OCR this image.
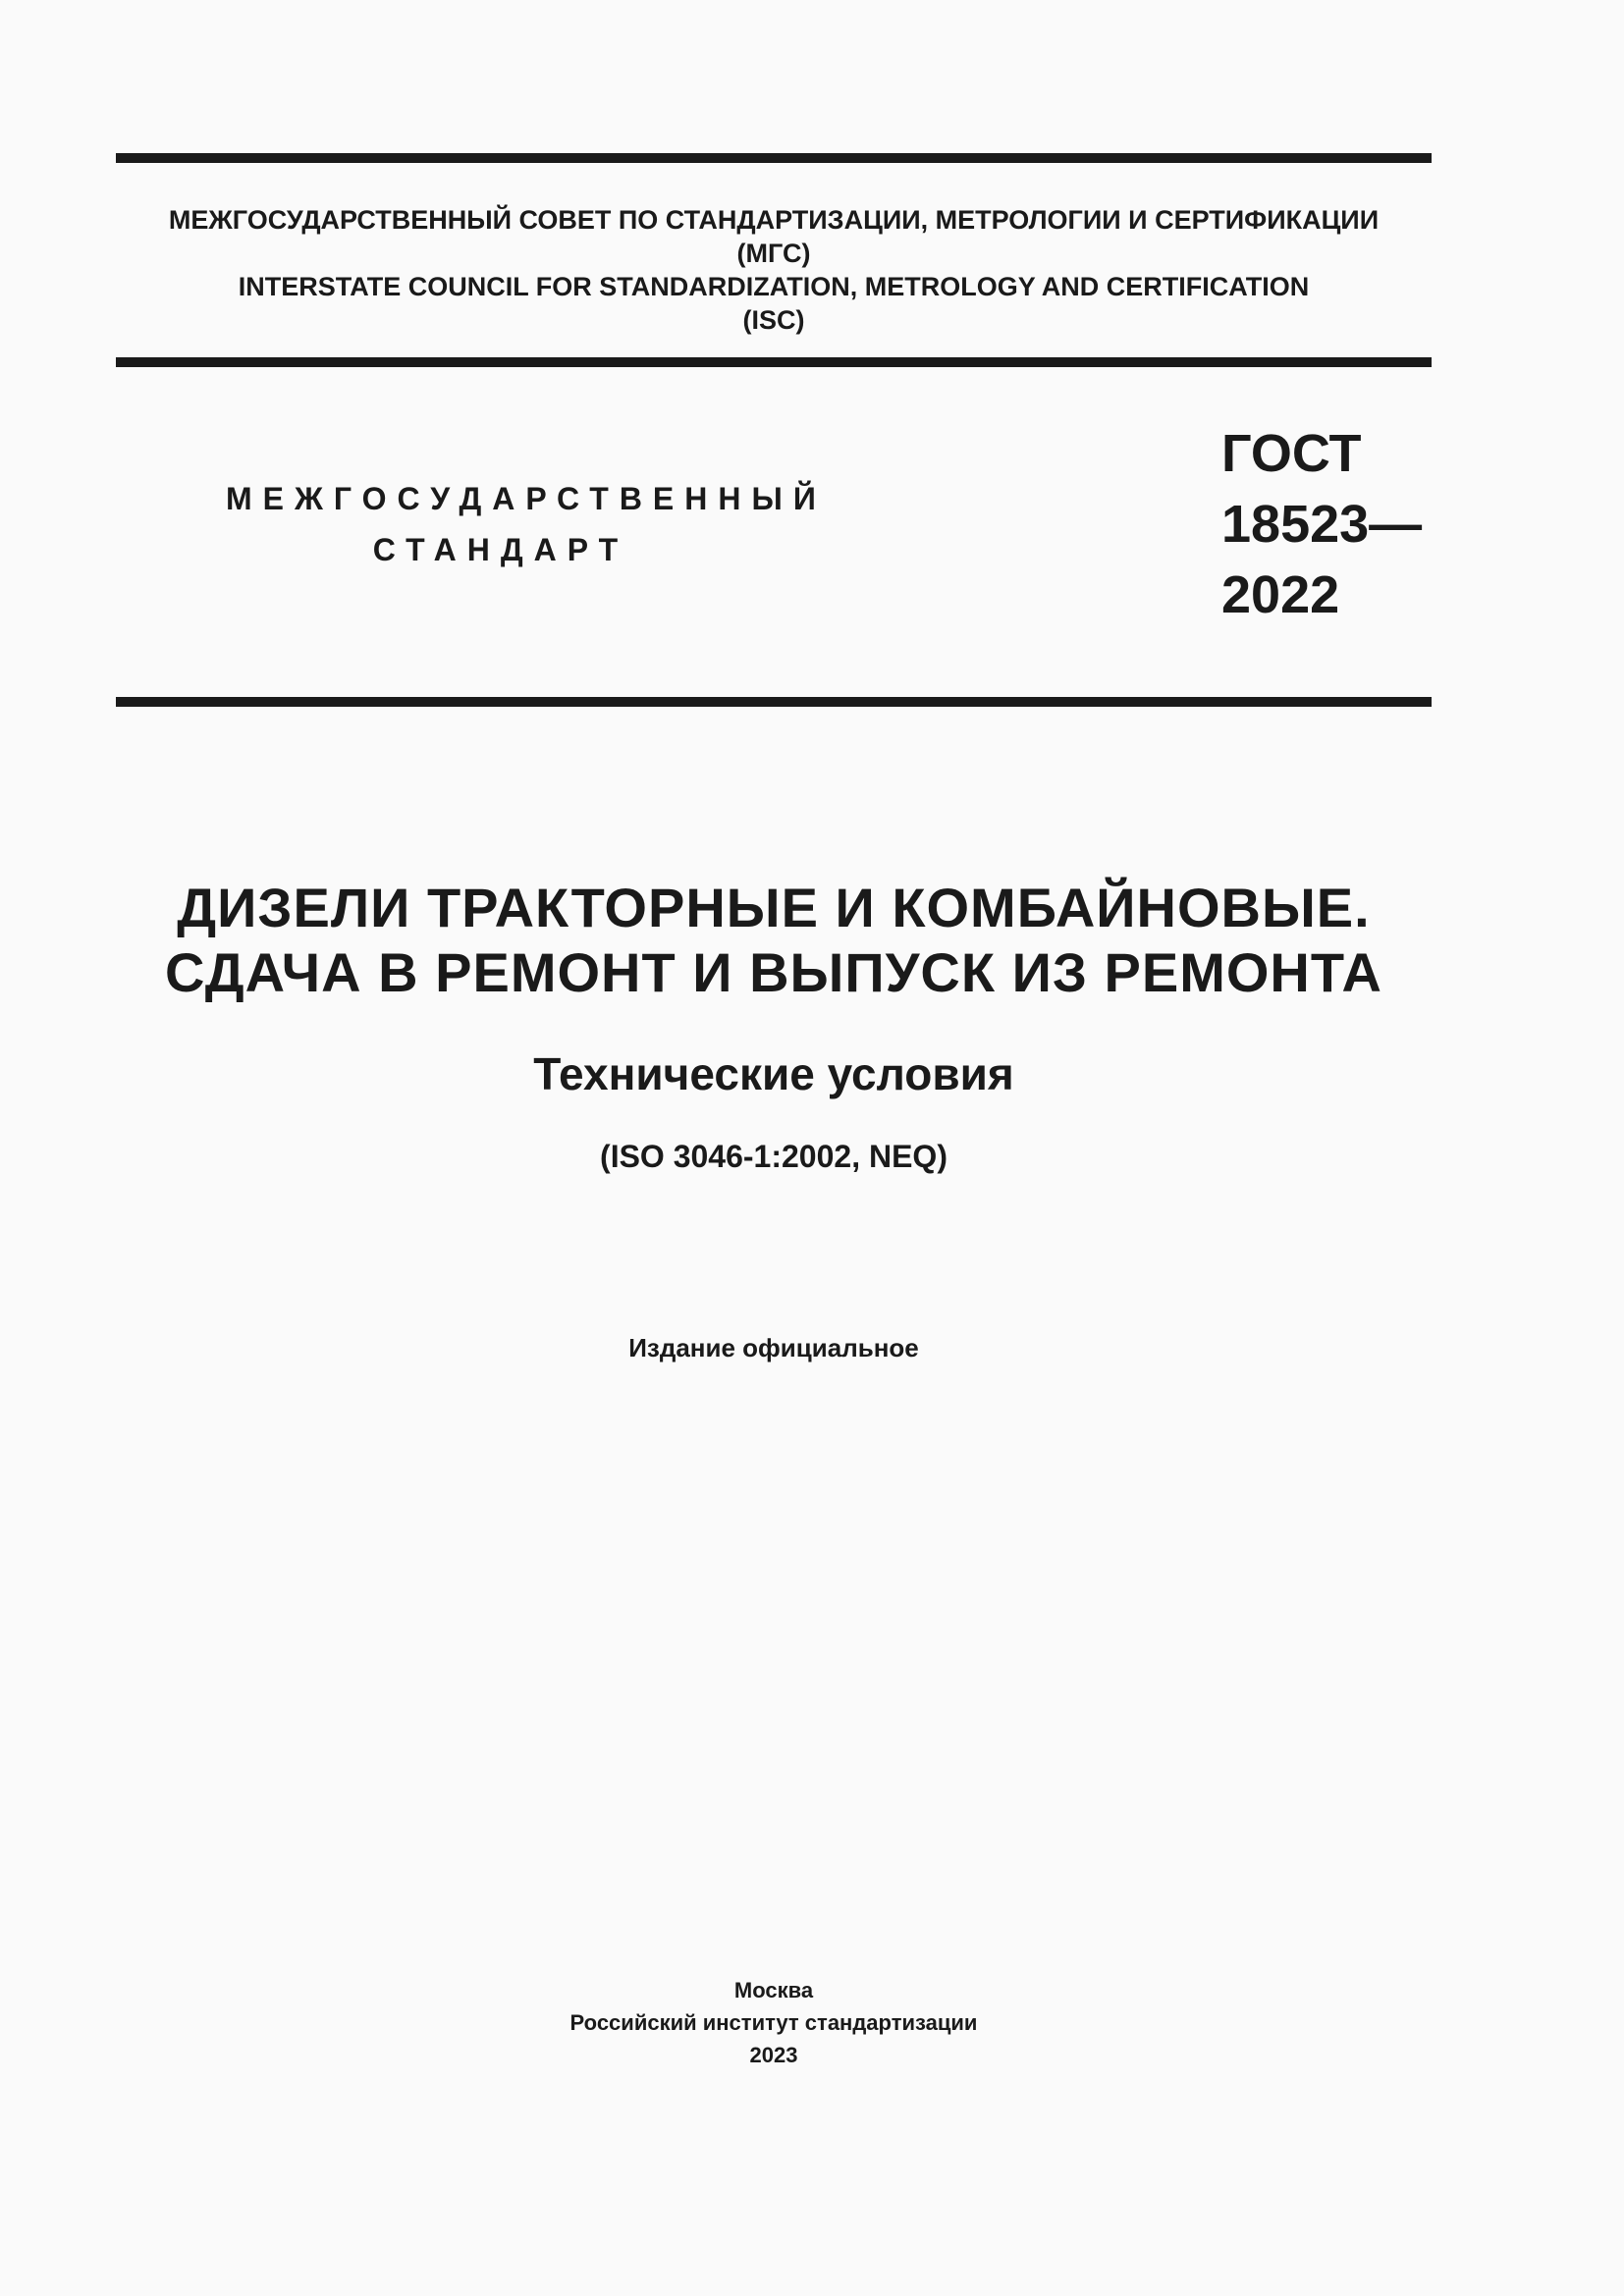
МЕЖГОСУДАРСТВЕННЫЙ СОВЕТ ПО СТАНДАРТИЗАЦИИ, МЕТРОЛОГИИ И СЕРТИФИКАЦИИ
(МГС)
INTERSTATE COUNCIL FOR STANDARDIZATION, METROLOGY AND CERTIFICATION
(ISC)
МЕЖГОСУДАРСТВЕННЫЙ
СТАНДАРТ
ГОСТ
18523—
2022
ДИЗЕЛИ ТРАКТОРНЫЕ И КОМБАЙНОВЫЕ.
СДАЧА В РЕМОНТ И ВЫПУСК ИЗ РЕМОНТА
Технические условия
(ISO 3046-1:2002, NEQ)
Издание официальное
Москва
Российский институт стандартизации
2023
